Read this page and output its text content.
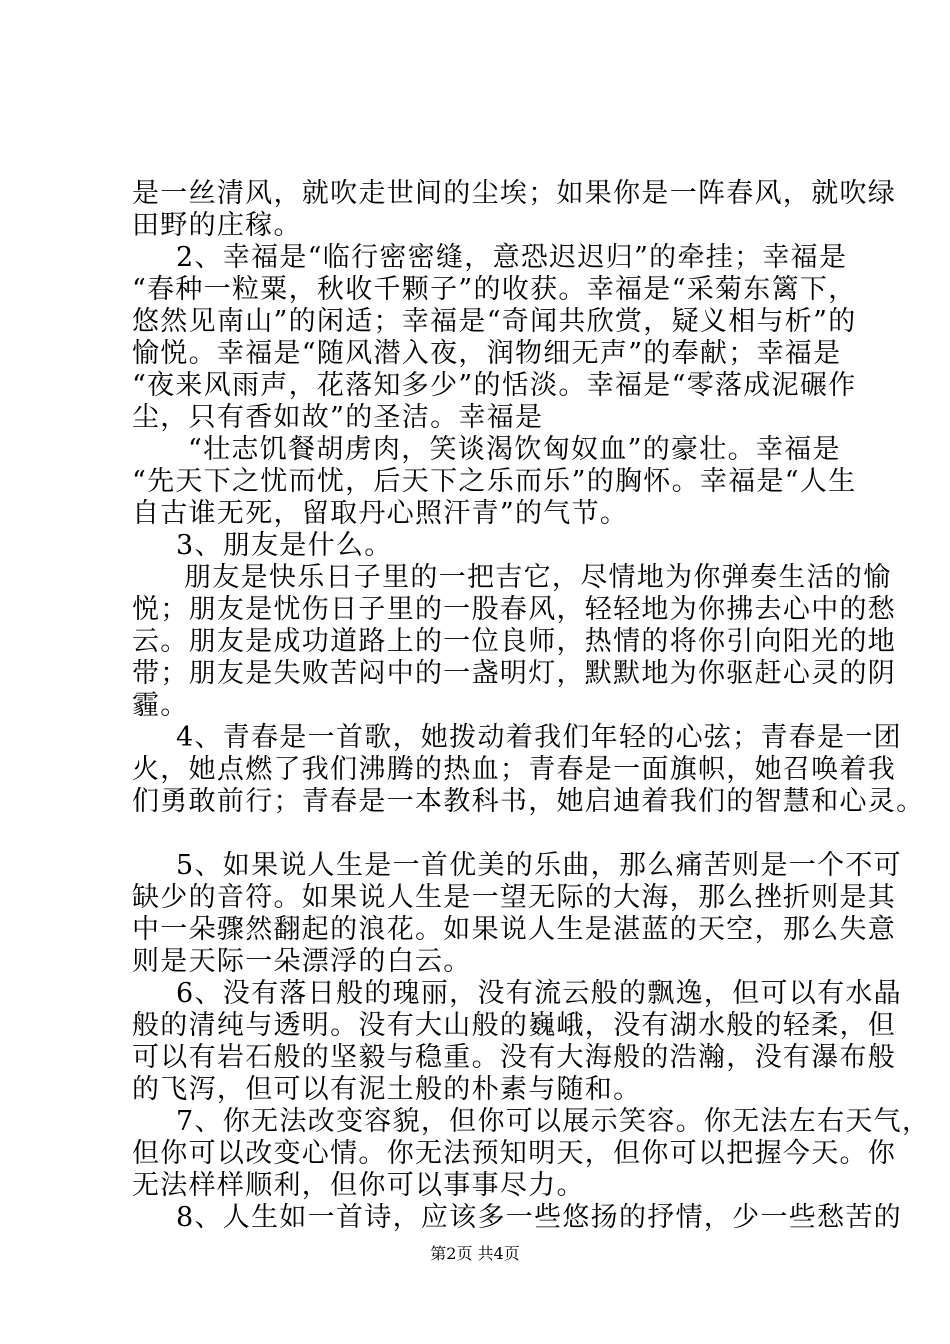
是一丝清风，就吹走世间的尘埃；如果你是一阵春风，就吹绿
田野的庄稼。
2、幸福是“临行密密缝，意恐迟迟归”的牵挂；幸福是
“春种一粒粟，秋收千颗子”的收获。幸福是“采菊东篱下，
悠然见南山”的闲适；幸福是“奇闻共欣赏，疑义相与析”的
愉悦。幸福是“随风潜入夜，润物细无声”的奉献；幸福是
“夜来风雨声，花落知多少”的恬淡。幸福是“零落成泥碾作
尘，只有香如故”的圣洁。幸福是
“壮志饥餐胡虏肉，笑谈渴饮匈奴血”的豪壮。幸福是
“先天下之忧而忧，后天下之乐而乐”的胸怀。幸福是“人生
自古谁无死，留取丹心照汗青”的气节。
3、朋友是什么。
朋友是快乐日子里的一把吉它，尽情地为你弹奏生活的愉
悦；朋友是忧伤日子里的一股春风，轻轻地为你拂去心中的愁
云。朋友是成功道路上的一位良师，热情的将你引向阳光的地
带；朋友是失败苦闷中的一盏明灯，默默地为你驱赶心灵的阴
霾。
4、青春是一首歌，她拨动着我们年轻的心弦；青春是一团
火，她点燃了我们沸腾的热血；青春是一面旗帜，她召唤着我
们勇敢前行；青春是一本教科书，她启迪着我们的智慧和心灵。
5、如果说人生是一首优美的乐曲，那么痛苦则是一个不可
缺少的音符。如果说人生是一望无际的大海，那么挫折则是其
中一朵骤然翻起的浪花。如果说人生是湛蓝的天空，那么失意
则是天际一朵漂浮的白云。
6、没有落日般的瑰丽，没有流云般的飘逸，但可以有水晶
般的清纯与透明。没有大山般的巍峨，没有湖水般的轻柔，但
可以有岩石般的坚毅与稳重。没有大海般的浩瀚，没有瀑布般
的飞泻，但可以有泥土般的朴素与随和。
7、你无法改变容貌，但你可以展示笑容。你无法左右天气，
但你可以改变心情。你无法预知明天，但你可以把握今天。你
无法样样顺利，但你可以事事尽力。
8、人生如一首诗，应该多一些悠扬的抒情，少一些愁苦的
第2页 共4页
